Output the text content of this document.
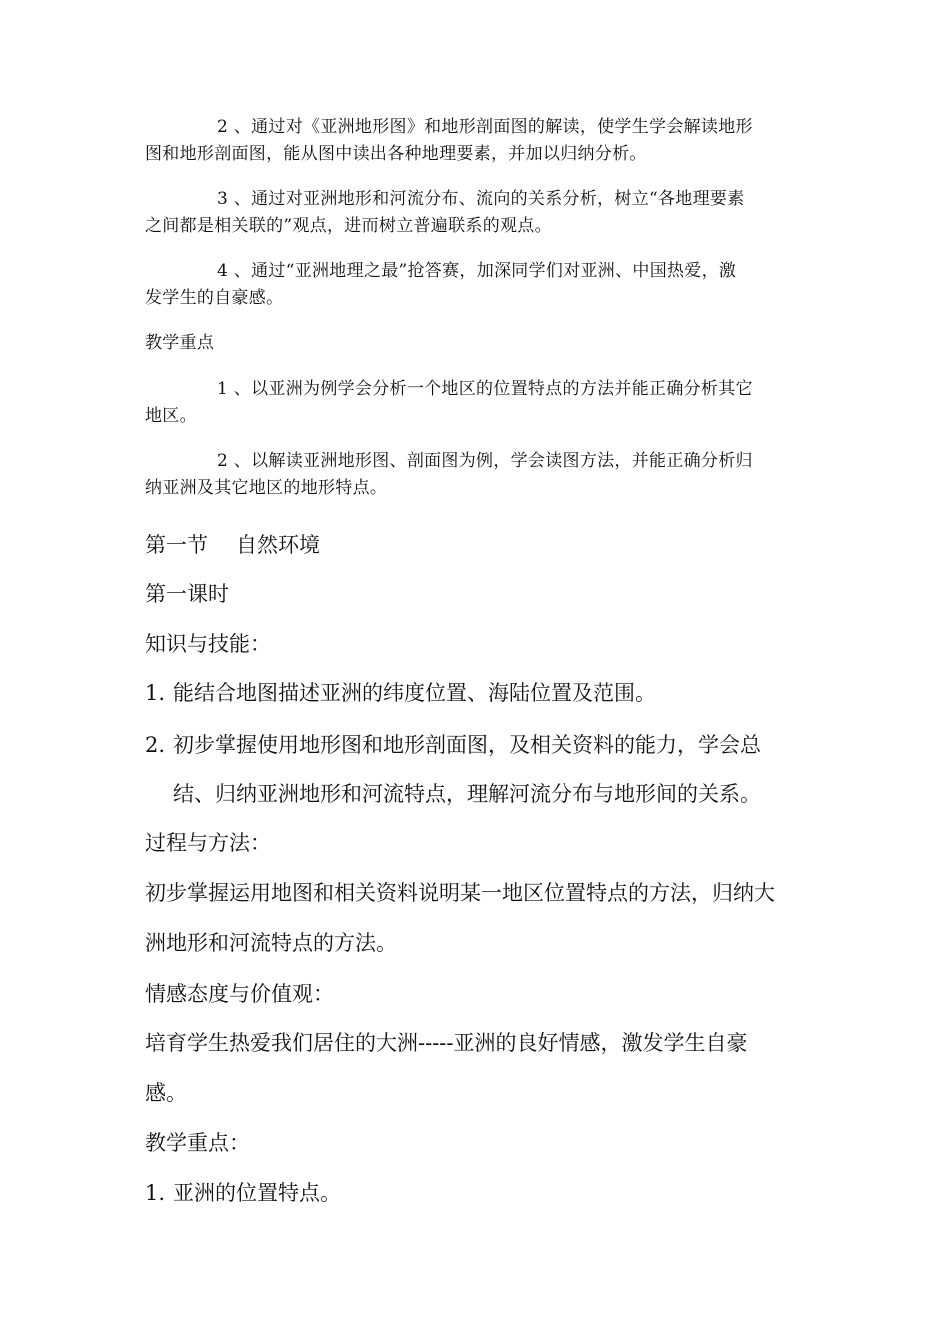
2 、通过对《亚洲地形图》和地形剖面图的解读，使学生学会解读地形
图和地形剖面图，能从图中读出各种地理要素，并加以归纳分析。

3 、通过对亚洲地形和河流分布、流向的关系分析，树立“各地理要素
之间都是相关联的”观点，进而树立普遍联系的观点。

4 、通过“亚洲地理之最”抢答赛，加深同学们对亚洲、中国热爱，激
发学生的自豪感。

教学重点

1 、以亚洲为例学会分析一个地区的位置特点的方法并能正确分析其它
地区。

2 、以解读亚洲地形图、剖面图为例，学会读图方法，并能正确分析归
纳亚洲及其它地区的地形特点。

第一节 自然环境

第一课时

知识与技能：

1. 能结合地图描述亚洲的纬度位置、海陆位置及范围。

2. 初步掌握使用地形图和地形剖面图，及相关资料的能力，学会总

结、归纳亚洲地形和河流特点，理解河流分布与地形间的关系。

过程与方法：

初步掌握运用地图和相关资料说明某一地区位置特点的方法，归纳大

洲地形和河流特点的方法。

情感态度与价值观：

培育学生热爱我们居住的大洲-----亚洲的良好情感，激发学生自豪

感。

教学重点：

1. 亚洲的位置特点。
